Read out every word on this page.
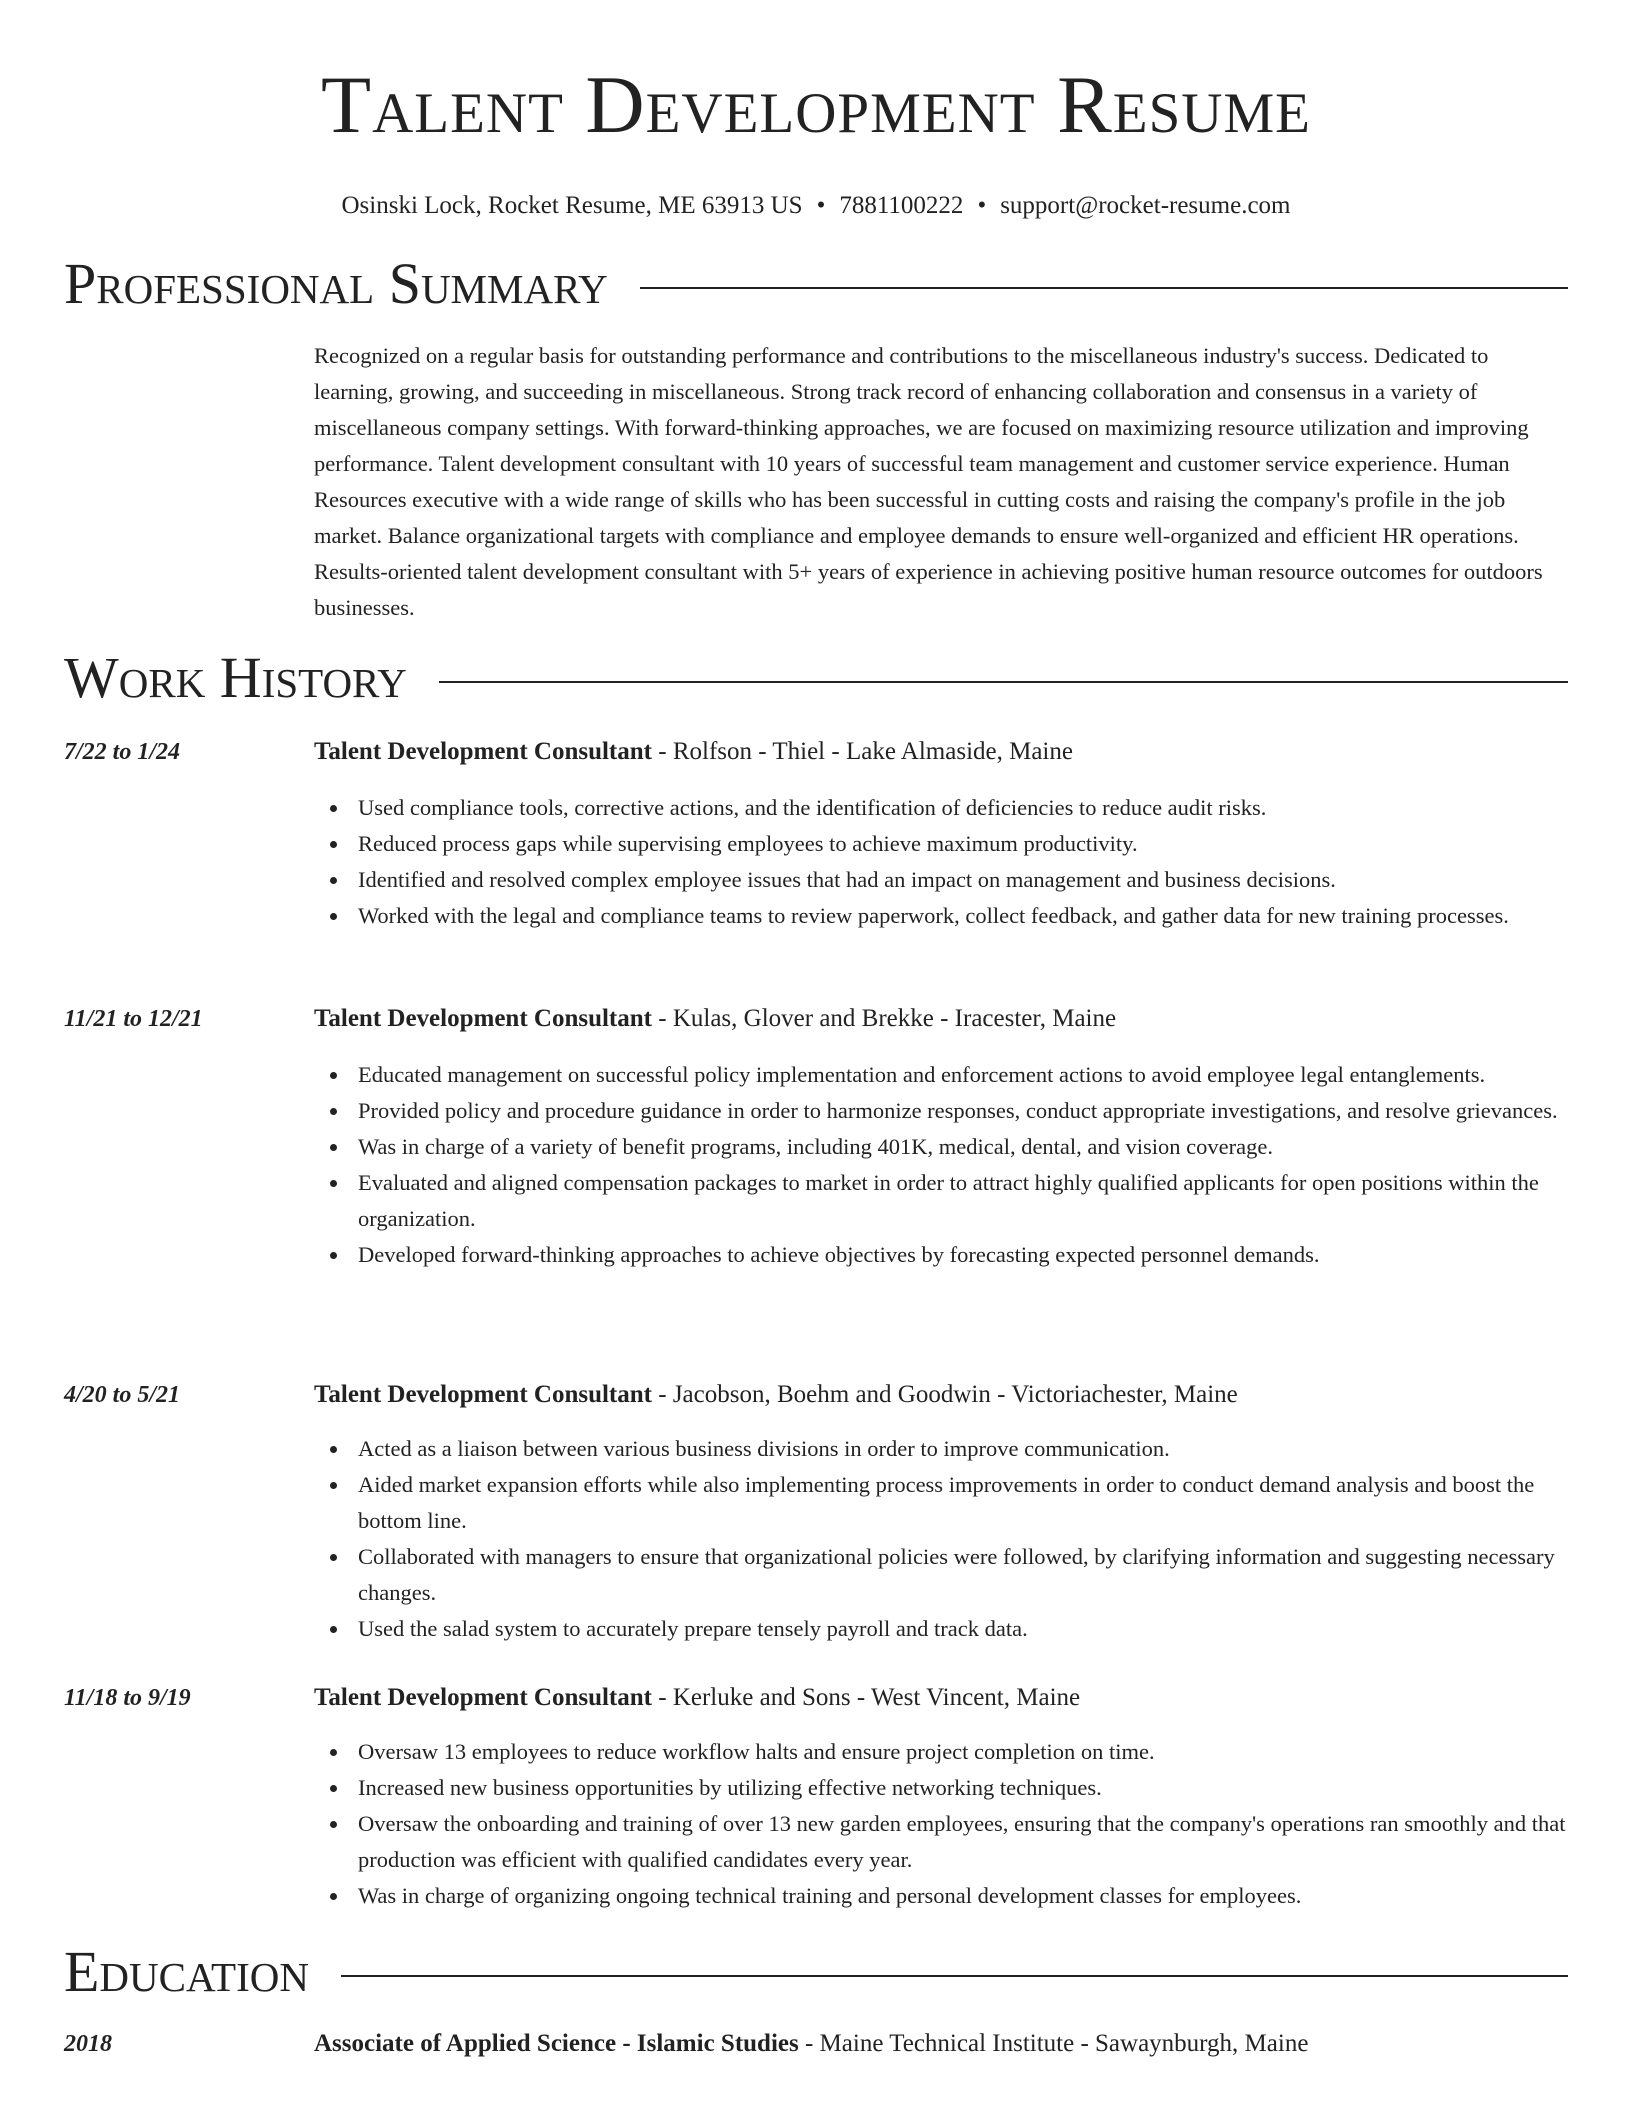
Talent Development Resume
Osinski Lock, Rocket Resume, ME 63913 US • 7881100222 • support@rocket-resume.com
Professional Summary

Recognized on a regular basis for outstanding performance and contributions to the miscellaneous industry's success. Dedicated to learning, growing, and succeeding in miscellaneous. Strong track record of enhancing collaboration and consensus in a variety of miscellaneous company settings. With forward-thinking approaches, we are focused on maximizing resource utilization and improving performance. Talent development consultant with 10 years of successful team management and customer service experience. Human Resources executive with a wide range of skills who has been successful in cutting costs and raising the company's profile in the job market. Balance organizational targets with compliance and employee demands to ensure well-organized and efficient HR operations. Results-oriented talent development consultant with 5+ years of experience in achieving positive human resource outcomes for outdoors businesses.

Work History
7/22 to 1/24	Talent Development Consultant - Rolfson - Thiel - Lake Almaside, Maine
Used compliance tools, corrective actions, and the identification of deficiencies to reduce audit risks.
Reduced process gaps while supervising employees to achieve maximum productivity.
Identified and resolved complex employee issues that had an impact on management and business decisions.
Worked with the legal and compliance teams to review paperwork, collect feedback, and gather data for new training processes.
11/21 to 12/21	Talent Development Consultant - Kulas, Glover and Brekke - Iracester, Maine
Educated management on successful policy implementation and enforcement actions to avoid employee legal entanglements.
Provided policy and procedure guidance in order to harmonize responses, conduct appropriate investigations, and resolve grievances.
Was in charge of a variety of benefit programs, including 401K, medical, dental, and vision coverage.
Evaluated and aligned compensation packages to market in order to attract highly qualified applicants for open positions within the organization.
Developed forward-thinking approaches to achieve objectives by forecasting expected personnel demands.
4/20 to 5/21	Talent Development Consultant - Jacobson, Boehm and Goodwin - Victoriachester, Maine
Acted as a liaison between various business divisions in order to improve communication.
Aided market expansion efforts while also implementing process improvements in order to conduct demand analysis and boost the bottom line.
Collaborated with managers to ensure that organizational policies were followed, by clarifying information and suggesting necessary changes.
Used the salad system to accurately prepare tensely payroll and track data.
11/18 to 9/19	Talent Development Consultant - Kerluke and Sons - West Vincent, Maine
Oversaw 13 employees to reduce workflow halts and ensure project completion on time.
Increased new business opportunities by utilizing effective networking techniques.
Oversaw the onboarding and training of over 13 new garden employees, ensuring that the company's operations ran smoothly and that production was efficient with qualified candidates every year.
Was in charge of organizing ongoing technical training and personal development classes for employees.
Education
2018	Associate of Applied Science - Islamic Studies - Maine Technical Institute - Sawaynburgh, Maine
